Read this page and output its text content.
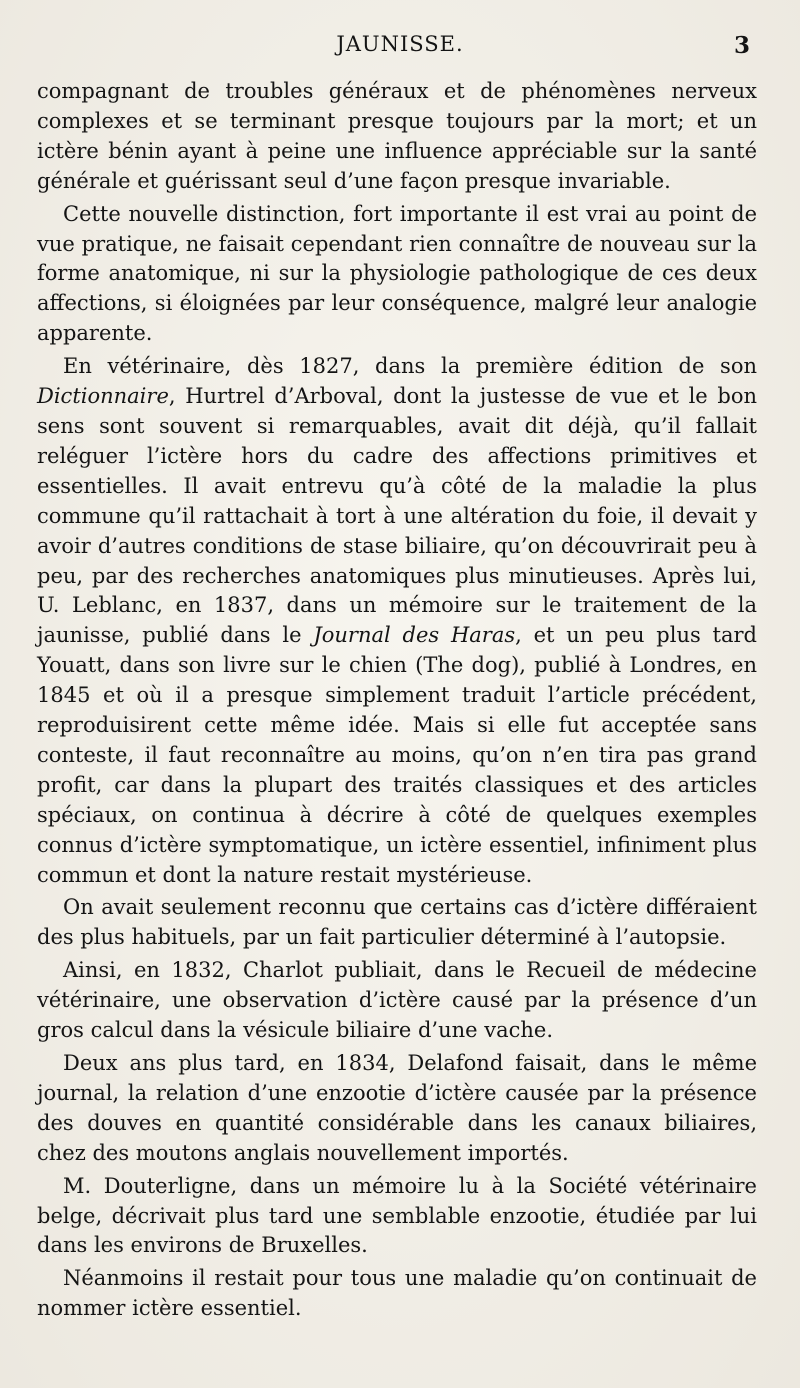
JAUNISSE.	3

compagnant de troubles généraux et de phénomènes nerveux complexes et se terminant presque toujours par la mort; et un ictère bénin ayant à peine une influence appréciable sur la santé générale et guérissant seul d’une façon presque invariable.

Cette nouvelle distinction, fort importante il est vrai au point de vue pratique, ne faisait cependant rien connaître de nouveau sur la forme anatomique, ni sur la physiologie pathologique de ces deux affections, si éloignées par leur conséquence, malgré leur analogie apparente.

En vétérinaire, dès 1827, dans la première édition de son Dictionnaire, Hurtrel d’Arboval, dont la justesse de vue et le bon sens sont souvent si remarquables, avait dit déjà, qu’il fallait reléguer l’ictère hors du cadre des affections primitives et essentielles. Il avait entrevu qu’à côté de la maladie la plus commune qu’il rattachait à tort à une altération du foie, il devait y avoir d’autres conditions de stase biliaire, qu’on découvrirait peu à peu, par des recherches anatomiques plus minutieuses. Après lui, U. Leblanc, en 1837, dans un mémoire sur le traitement de la jaunisse, publié dans le Journal des Haras, et un peu plus tard Youatt, dans son livre sur le chien (The dog), publié à Londres, en 1845 et où il a presque simplement traduit l’article précédent, reproduisirent cette même idée. Mais si elle fut acceptée sans conteste, il faut reconnaître au moins, qu’on n’en tira pas grand profit, car dans la plupart des traités classiques et des articles spéciaux, on continua à décrire à côté de quelques exemples connus d’ictère symptomatique, un ictère essentiel, infiniment plus commun et dont la nature restait mystérieuse.

On avait seulement reconnu que certains cas d’ictère différaient des plus habituels, par un fait particulier déterminé à l’autopsie.

Ainsi, en 1832, Charlot publiait, dans le Recueil de médecine vétérinaire, une observation d’ictère causé par la présence d’un gros calcul dans la vésicule biliaire d’une vache.

Deux ans plus tard, en 1834, Delafond faisait, dans le même journal, la relation d’une enzootie d’ictère causée par la présence des douves en quantité considérable dans les canaux biliaires, chez des moutons anglais nouvellement importés.

M. Douterligne, dans un mémoire lu à la Société vétérinaire belge, décrivait plus tard une semblable enzootie, étudiée par lui dans les environs de Bruxelles.

Néanmoins il restait pour tous une maladie qu’on continuait de nommer ictère essentiel.
